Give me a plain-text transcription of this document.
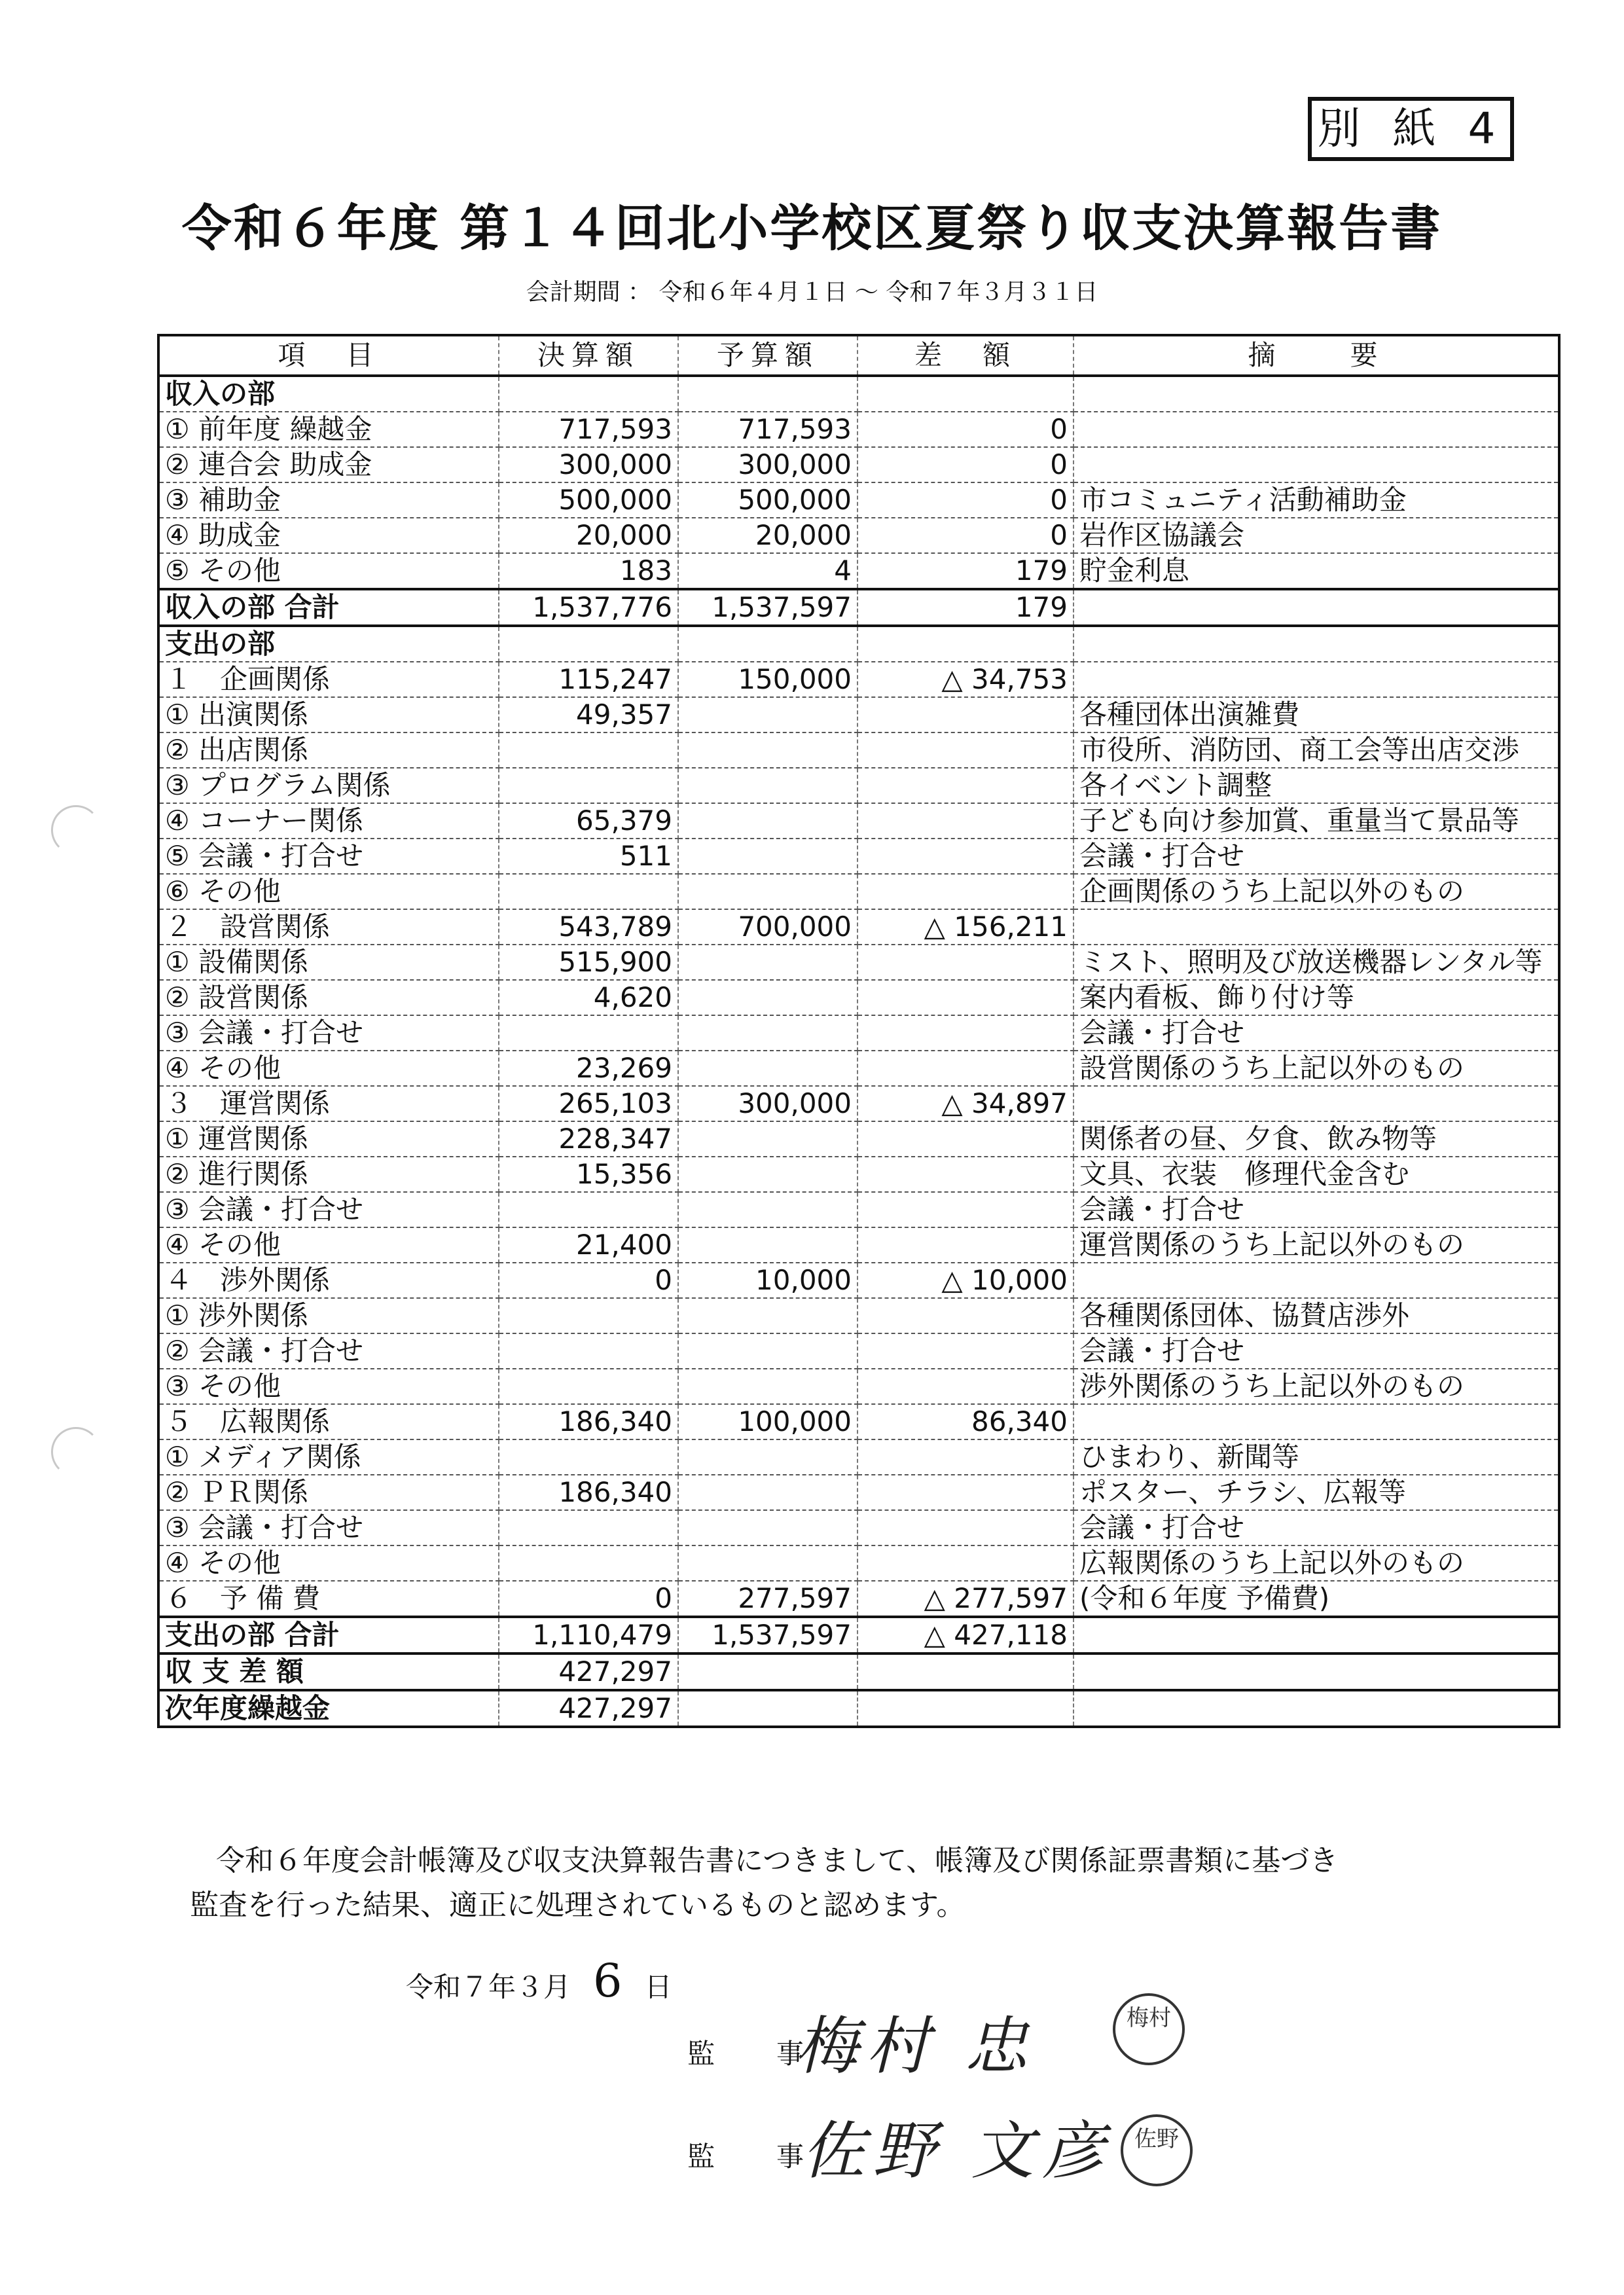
別 紙 4
令和６年度 第１４回北小学校区夏祭り収支決算報告書
会計期間 ： 令和６年４月１日 ～ 令和７年３月３１日
項　目	決算額	予算額	差　額	摘　　要
収入の部				
① 前年度 繰越金	717,593	717,593	0	
② 連合会 助成金	300,000	300,000	0	
③ 補助金	500,000	500,000	0	市コミュニティ活動補助金
④ 助成金	20,000	20,000	0	岩作区協議会
⑤ その他	183	4	179	貯金利息
収入の部 合計	1,537,776	1,537,597	179	
支出の部				
１　企画関係	115,247	150,000	△ 34,753	
① 出演関係	49,357			各種団体出演雑費
② 出店関係				市役所、消防団、商工会等出店交渉
③ プログラム関係				各イベント調整
④ コーナー関係	65,379			子ども向け参加賞、重量当て景品等
⑤ 会議・打合せ	511			会議・打合せ
⑥ その他				企画関係のうち上記以外のもの
２　設営関係	543,789	700,000	△ 156,211	
① 設備関係	515,900			ミスト、照明及び放送機器レンタル等
② 設営関係	4,620			案内看板、飾り付け等
③ 会議・打合せ				会議・打合せ
④ その他	23,269			設営関係のうち上記以外のもの
３　運営関係	265,103	300,000	△ 34,897	
① 運営関係	228,347			関係者の昼、夕食、飲み物等
② 進行関係	15,356			文具、衣装　修理代金含む
③ 会議・打合せ				会議・打合せ
④ その他	21,400			運営関係のうち上記以外のもの
４　渉外関係	0	10,000	△ 10,000	
① 渉外関係				各種関係団体、協賛店渉外
② 会議・打合せ				会議・打合せ
③ その他				渉外関係のうち上記以外のもの
５　広報関係	186,340	100,000	86,340	
① メディア関係				ひまわり、新聞等
② ＰＲ関係	186,340			ポスター、チラシ、広報等
③ 会議・打合せ				会議・打合せ
④ その他				広報関係のうち上記以外のもの
６　予 備 費	0	277,597	△ 277,597	(令和６年度 予備費)
支出の部 合計	1,110,479	1,537,597	△ 427,118	
収 支 差 額	427,297			
次年度繰越金	427,297			
令和６年度会計帳簿及び収支決算報告書につきまして、帳簿及び関係証票書類に基づき
監査を行った結果、適正に処理されているものと認めます。
令和７年３月 6 日
監　事
梅村 忠	梅村
監　事
佐野 文彦 佐野
